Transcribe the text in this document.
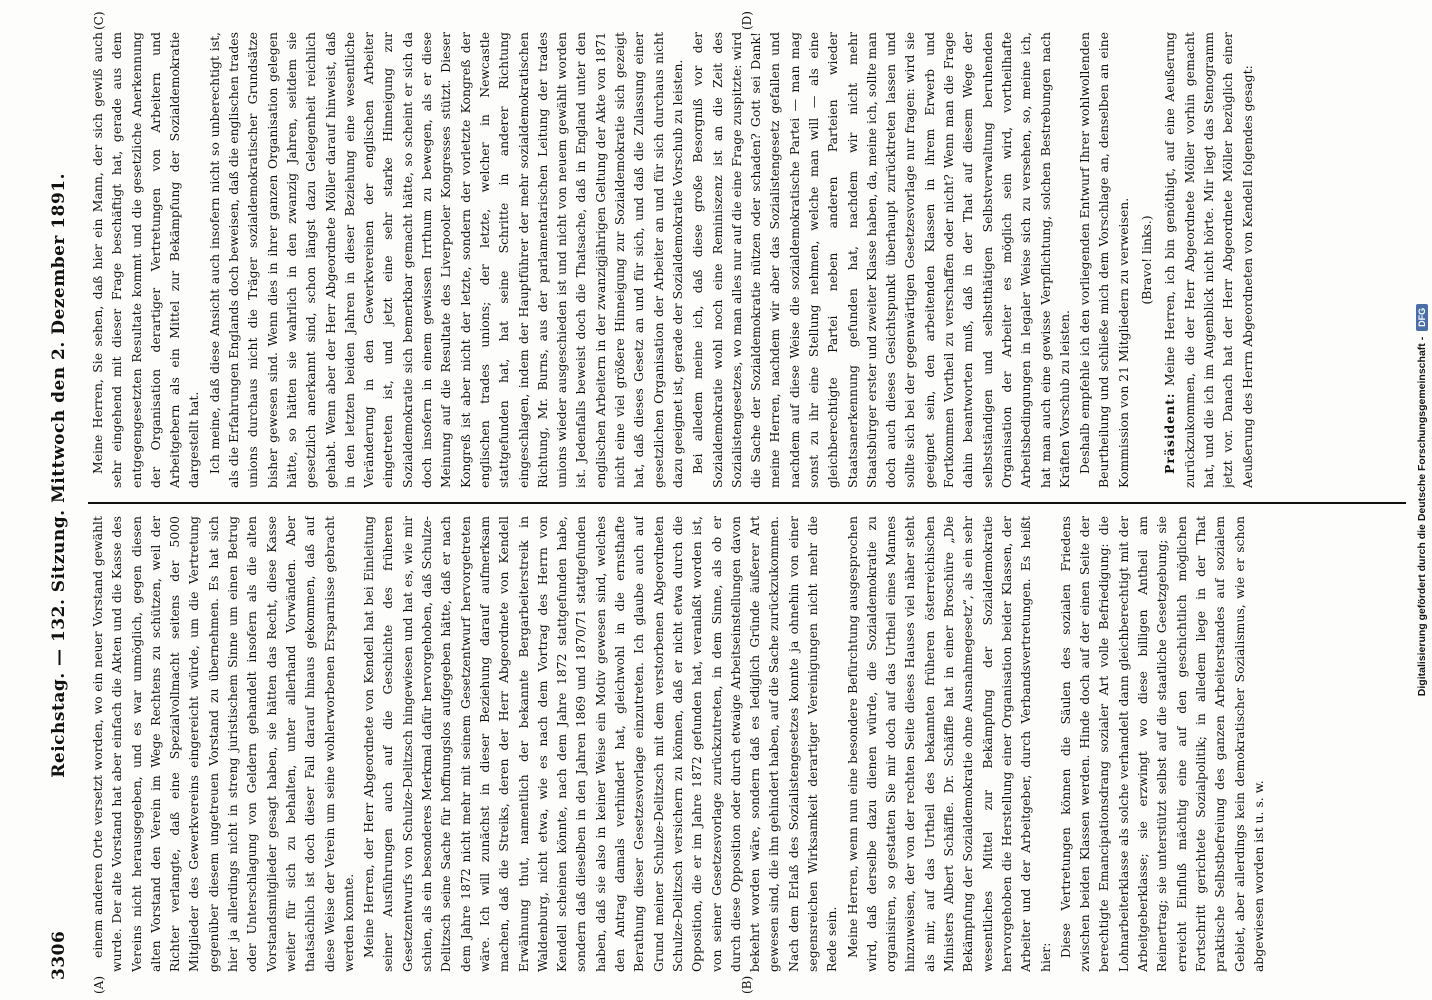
3306
Reichstag. — 132. Sitzung. Mittwoch den 2. Dezember 1891.
(A)	(B)
(C)	(D)

einem anderen Orte versetzt worden, wo ein neuer Vorstand gewählt wurde. Der alte Vorstand hat aber einfach die Akten und die Kasse des Vereins nicht herausgegeben, und es war unmöglich, gegen diesen alten Vorstand den Verein im Wege Rechtens zu schützen, weil der Richter verlangte, daß eine Spezialvollmacht seitens der 5000 Mitglieder des Gewerkvereins eingereicht würde, um die Vertretung gegenüber diesem ungetreuen Vorstand zu übernehmen. Es hat sich hier ja allerdings nicht in streng juristischem Sinne um einen Betrug oder Unterschlagung von Geldern gehandelt insofern als die alten Vorstandsmitglieder gesagt haben, sie hätten das Recht, diese Kasse weiter für sich zu behalten, unter allerhand Vorwänden. Aber thatsächlich ist doch dieser Fall darauf hinaus gekommen, daß auf diese Weise der Verein um seine wohlerworbenen Ersparnisse gebracht werden konnte. Meine Herren, der Herr Abgeordnete von Kendell hat bei Einleitung seiner Ausführungen auch auf die Geschichte des früheren Gesetzentwurfs von Schulze-Delitzsch hingewiesen und hat es, wie mir schien, als ein besonderes Merkmal dafür hervorgehoben, daß Schulze-Delitzsch seine Sache für hoffnungslos aufgegeben hätte, daß er nach dem Jahre 1872 nicht mehr mit seinem Gesetzentwurf hervorgetreten wäre. Ich will zunächst in dieser Beziehung darauf aufmerksam machen, daß die Streiks, deren der Herr Abgeordnete von Kendell Erwähnung thut, namentlich der bekannte Bergarbeiterstreik in Waldenburg, nicht etwa, wie es nach dem Vortrag des Herrn von Kendell scheinen könnte, nach dem Jahre 1872 stattgefunden habe, sondern daß dieselben in den Jahren 1869 und 1870/71 stattgefunden haben, daß sie also in keiner Weise ein Motiv gewesen sind, welches den Antrag damals verhindert hat, gleichwohl in die ernsthafte Berathung dieser Gesetzesvorlage einzutreten. Ich glaube auch auf Grund meiner Schulze-Delitzsch mit dem verstorbenen Abgeordneten Schulze-Delitzsch versichern zu können, daß er nicht etwa durch die Opposition, die er im Jahre 1872 gefunden hat, veranlaßt worden ist, von seiner Gesetzesvorlage zurückzutreten, in dem Sinne, als ob er durch diese Opposition oder durch etwaige Arbeitseinstellungen davon bekehrt worden wäre, sondern daß es lediglich Gründe äußerer Art gewesen sind, die ihn gehindert haben, auf die Sache zurückzukommen. Nach dem Erlaß des Sozialistengesetzes konnte ja ohnehin von einer segensreichen Wirksamkeit derartiger Vereinigungen nicht mehr die Rede sein. Meine Herren, wenn nun eine besondere Befürchtung ausgesprochen wird, daß derselbe dazu dienen würde, die Sozialdemokratie zu organisiren, so gestatten Sie mir doch auf das Urtheil eines Mannes hinzuweisen, der von der rechten Seite dieses Hauses viel näher steht als mir, auf das Urtheil des bekannten früheren österreichischen Ministers Albert Schäffle. Dr. Schäffle hat in einer Broschüre „Die Bekämpfung der Sozialdemokratie ohne Ausnahmegesetz“, als ein sehr wesentliches Mittel zur Bekämpfung der Sozialdemokratie hervorgehoben die Herstellung einer Organisation beider Klassen, der Arbeiter und der Arbeitgeber, durch Verbandsvertretungen. Es heißt hier: Diese Vertretungen können die Säulen des sozialen Friedens zwischen beiden Klassen werden. Hinde doch auf der einen Seite der berechtigte Emancipationsdrang sozialer Art volle Befriedigung: die Lohnarbeiterklasse als solche verhandelt dann gleichberechtigt mit der Arbeitgeberklasse; sie erzwingt wo diese billigen Antheil am Reinertrag; sie unterstützt selbst auf die staatliche Gesetzgebung; sie erreicht Einfluß mächtig eine auf den geschichtlich möglichen Fortschritt gerichtete Sozialpolitik; in alledem liege in der That praktische Selbstbefreiung des ganzen Arbeiterstandes auf sozialem Gebiet, aber allerdings kein demokratischer Sozialismus, wie er schon abgewiesen worden ist u. s. w.

Meine Herren, Sie sehen, daß hier ein Mann, der sich gewiß auch sehr eingehend mit dieser Frage beschäftigt hat, gerade aus dem entgegengesetzten Resultate kommt und die gesetzliche Anerkennung der Organisation derartiger Vertretungen von Arbeitern und Arbeitgebern als ein Mittel zur Bekämpfung der Sozialdemokratie dargestellt hat. Ich meine, daß diese Ansicht auch insofern nicht so unberechtigt ist, als die Erfahrungen Englands doch beweisen, daß die englischen trades unions durchaus nicht die Träger sozialdemokratischer Grundsätze bisher gewesen sind. Wenn dies in ihrer ganzen Organisation gelegen hätte, so hätten sie wahrlich in den zwanzig Jahren, seitdem sie gesetzlich anerkannt sind, schon längst dazu Gelegenheit reichlich gehabt. Wenn aber der Herr Abgeordnete Möller darauf hinweist, daß in den letzten beiden Jahren in dieser Beziehung eine wesentliche Veränderung in den Gewerkvereinen der englischen Arbeiter eingetreten ist, und jetzt eine sehr starke Hinneigung zur Sozialdemokratie sich bemerkbar gemacht hätte, so scheint er sich da doch insofern in einem gewissen Irrthum zu bewegen, als er diese Meinung auf die Resultate des Liverpooler Kongresses stützt. Dieser Kongreß ist aber nicht der letzte, sondern der vorletzte Kongreß der englischen trades unions; der letzte, welcher in Newcastle stattgefunden hat, hat seine Schritte in anderer Richtung eingeschlagen, indem der Hauptführer der mehr sozialdemokratischen Richtung, Mr. Burns, aus der parlamentarischen Leitung der trades unions wieder ausgeschieden ist und nicht von neuem gewählt worden ist. Jedenfalls beweist doch die Thatsache, daß in England unter den englischen Arbeitern in der zwanzigjährigen Geltung der Akte von 1871 nicht eine viel größere Hinneigung zur Sozialdemokratie sich gezeigt hat, daß dieses Gesetz an und für sich, und daß die Zulassung einer gesetzlichen Organisation der Arbeiter an und für sich durchaus nicht dazu geeignet ist, gerade der Sozialdemokratie Vorschub zu leisten. Bei alledem meine ich, daß diese große Besorgniß vor der Sozialdemokratie wohl noch eine Reminiszenz ist an die Zeit des Sozialistengesetzes, wo man alles nur auf die eine Frage zuspitzte: wird die Sache der Sozialdemokratie nützen oder schaden? Gott sei Dank! meine Herren, nachdem wir aber das Sozialistengesetz gefallen und nachdem auf diese Weise die sozialdemokratische Partei — man mag sonst zu ihr eine Stellung nehmen, welche man will — als eine gleichberechtigte Partei neben anderen Parteien wieder Staatsanerkennung gefunden hat, nachdem wir nicht mehr Staatsbürger erster und zweiter Klasse haben, da, meine ich, sollte man doch auch dieses Gesichtspunkt überhaupt zurücktreten lassen und sollte sich bei der gegenwärtigen Gesetzesvorlage nur fragen: wird sie geeignet sein, den arbeitenden Klassen in ihrem Erwerb und Fortkommen Vortheil zu verschaffen oder nicht? Wenn man die Frage dahin beantworten muß, daß in der That auf diesem Wege der selbstständigen und selbstthätigen Selbstverwaltung beruhenden Organisation der Arbeiter es möglich sein wird, vortheilhafte Arbeitsbedingungen in legaler Weise sich zu versehen, so, meine ich, hat man auch eine gewisse Verpflichtung, solchen Bestrebungen nach Kräften Vorschub zu leisten. Deshalb empfehle ich den vorliegenden Entwurf Ihrer wohlwollenden Beurtheilung und schließe mich dem Vorschlage an, denselben an eine Kommission von 21 Mitgliedern zu verweisen. (Bravo! links.)

Präsident: Meine Herren, ich bin genöthigt, auf eine Aeußerung zurückzukommen, die der Herr Abgeordnete Möller vorhin gemacht hat, und die ich im Augenblick nicht hörte. Mir liegt das Stenogramm jetzt vor. Danach hat der Herr Abgeordnete Möller bezüglich einer Aeußerung des Herrn Abgeordneten von Kendell folgendes gesagt:

Digitalisierung gefördert durch die Deutsche Forschungsgemeinschaft -
DFG
